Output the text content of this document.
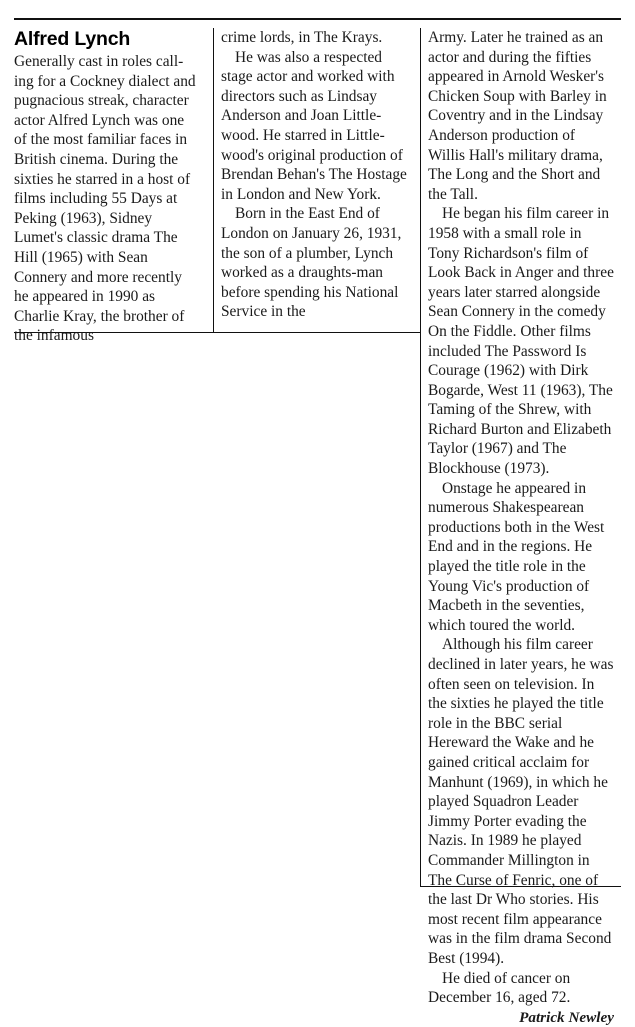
Alfred Lynch

Generally cast in roles call-ing for a Cockney dialect and pugnacious streak, character actor Alfred Lynch was one of the most familiar faces in British cinema. During the sixties he starred in a host of films including 55 Days at Peking (1963), Sidney Lumet's classic drama The Hill (1965) with Sean Connery and more recently he appeared in 1990 as Charlie Kray, the brother of the infamous

crime lords, in The Krays.

He was also a respected stage actor and worked with directors such as Lindsay Anderson and Joan Little-wood. He starred in Little-wood's original production of Brendan Behan's The Hostage in London and New York.

Born in the East End of London on January 26, 1931, the son of a plumber, Lynch worked as a draughts-man before spending his National Service in the

Army. Later he trained as an actor and during the fifties appeared in Arnold Wesker's Chicken Soup with Barley in Coventry and in the Lindsay Anderson production of Willis Hall's military drama, The Long and the Short and the Tall.

He began his film career in 1958 with a small role in Tony Richardson's film of Look Back in Anger and three years later starred alongside Sean Connery in the comedy On the Fiddle. Other films included The Password Is Courage (1962) with Dirk Bogarde, West 11 (1963), The Taming of the Shrew, with Richard Burton and Elizabeth Taylor (1967) and The Blockhouse (1973).

Onstage he appeared in numerous Shakespearean productions both in the West End and in the regions. He played the title role in the Young Vic's production of Macbeth in the seventies, which toured the world.

Although his film career declined in later years, he was often seen on television. In the sixties he played the title role in the BBC serial Hereward the Wake and he gained critical acclaim for Manhunt (1969), in which he played Squadron Leader Jimmy Porter evading the Nazis. In 1989 he played Commander Millington in The Curse of Fenric, one of the last Dr Who stories. His most recent film appearance was in the film drama Second Best (1994).

He died of cancer on December 16, aged 72.

Patrick Newley
